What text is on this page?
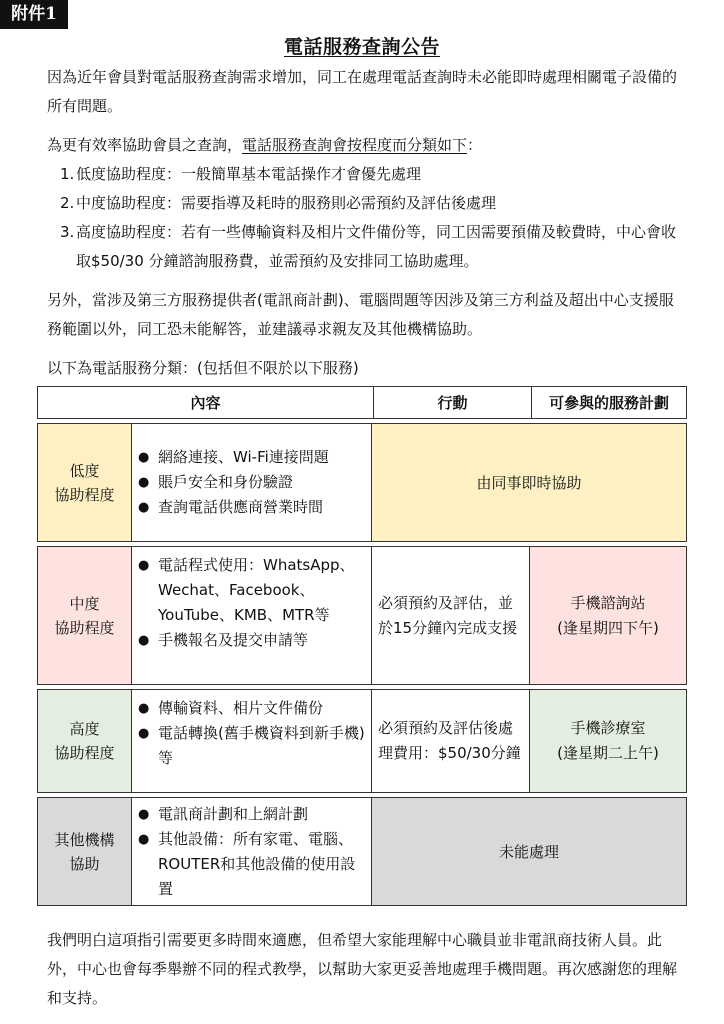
附件1
電話服務查詢公告
因為近年會員對電話服務查詢需求增加，同工在處理電話查詢時未必能即時處理相關電子設備的所有問題。
為更有效率協助會員之查詢，電話服務查詢會按程度而分類如下：
1. 低度協助程度：一般簡單基本電話操作才會優先處理
2. 中度協助程度：需要指導及耗時的服務則必需預約及評估後處理
3. 高度協助程度：若有一些傳輸資料及相片文件備份等，同工因需要預備及較費時，中心會收取$50/30 分鐘諮詢服務費，並需預約及安排同工協助處理。
另外，當涉及第三方服務提供者(電訊商計劃)、電腦問題等因涉及第三方利益及超出中心支援服務範圍以外，同工恐未能解答，並建議尋求親友及其他機構協助。
以下為電話服務分類：(包括但不限於以下服務)
內容	行動	可參與的服務計劃
低度
協助程度
● 網絡連接、Wi-Fi連接問題
● 賬戶安全和身份驗證
● 查詢電話供應商營業時間
由同事即時協助
中度
協助程度
● 電話程式使用：WhatsApp、Wechat、Facebook、YouTube、KMB、MTR等
● 手機報名及提交申請等
必須預約及評估，並於15分鐘內完成支援
手機諮詢站
(逢星期四下午)
高度
協助程度
● 傳輸資料、相片文件備份
● 電話轉換(舊手機資料到新手機)等
必須預約及評估後處理費用：$50/30分鐘
手機診療室
(逢星期二上午)
其他機構
協助
● 電訊商計劃和上網計劃
● 其他設備：所有家電、電腦、ROUTER和其他設備的使用設置
未能處理
我們明白這項指引需要更多時間來適應，但希望大家能理解中心職員並非電訊商技術人員。此外，中心也會每季舉辦不同的程式教學，以幫助大家更妥善地處理手機問題。再次感謝您的理解和支持。
